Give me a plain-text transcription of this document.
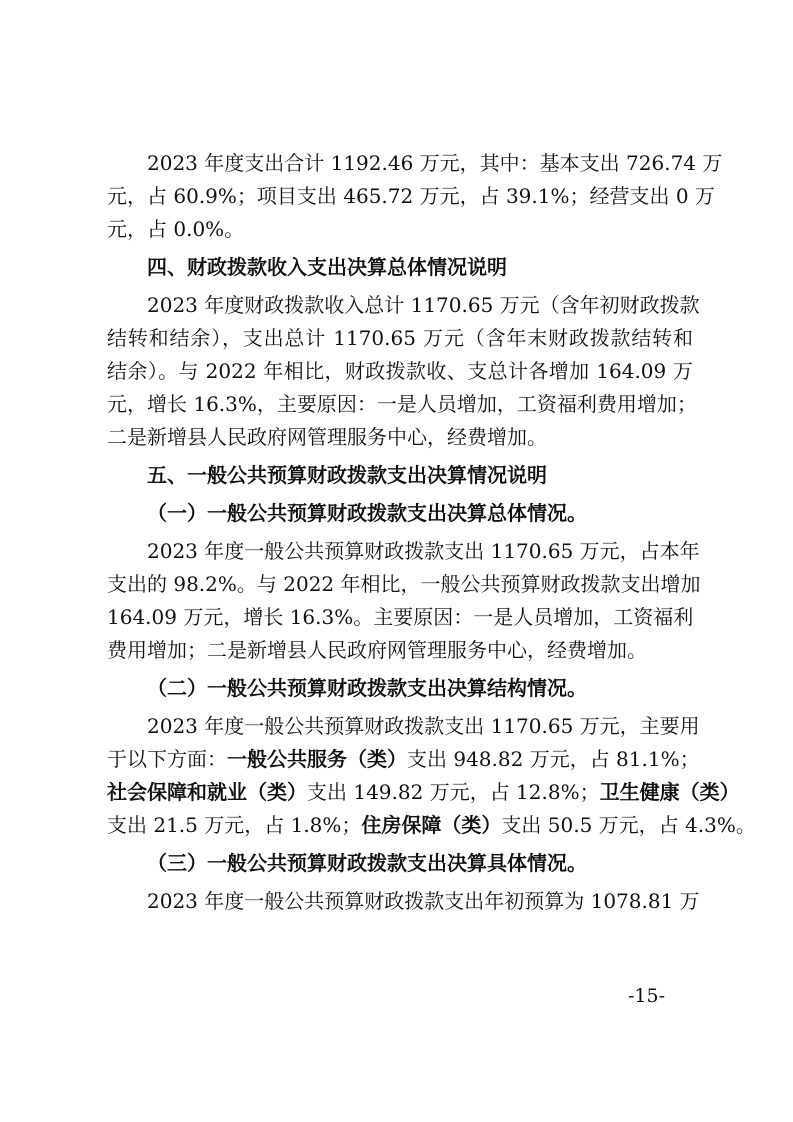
2023 年度支出合计 1192.46 万元，其中：基本支出 726.74 万
元，占 60.9%；项目支出 465.72 万元，占 39.1%；经营支出 0 万
元，占 0.0%。
四、财政拨款收入支出决算总体情况说明
2023 年度财政拨款收入总计 1170.65 万元（含年初财政拨款
结转和结余），支出总计 1170.65 万元（含年末财政拨款结转和
结余）。与 2022 年相比，财政拨款收、支总计各增加 164.09 万
元，增长 16.3%，主要原因：一是人员增加，工资福利费用增加；
二是新增县人民政府网管理服务中心，经费增加。
五、一般公共预算财政拨款支出决算情况说明
（一）一般公共预算财政拨款支出决算总体情况。
2023 年度一般公共预算财政拨款支出 1170.65 万元，占本年
支出的 98.2%。与 2022 年相比，一般公共预算财政拨款支出增加
164.09 万元，增长 16.3%。主要原因：一是人员增加，工资福利
费用增加；二是新增县人民政府网管理服务中心，经费增加。
（二）一般公共预算财政拨款支出决算结构情况。
2023 年度一般公共预算财政拨款支出 1170.65 万元，主要用
于以下方面：一般公共服务（类）支出 948.82 万元，占 81.1%；
社会保障和就业（类）支出 149.82 万元，占 12.8%；卫生健康（类）
支出 21.5 万元，占 1.8%；住房保障（类）支出 50.5 万元，占 4.3%。
（三）一般公共预算财政拨款支出决算具体情况。
2023 年度一般公共预算财政拨款支出年初预算为 1078.81 万
-15-
